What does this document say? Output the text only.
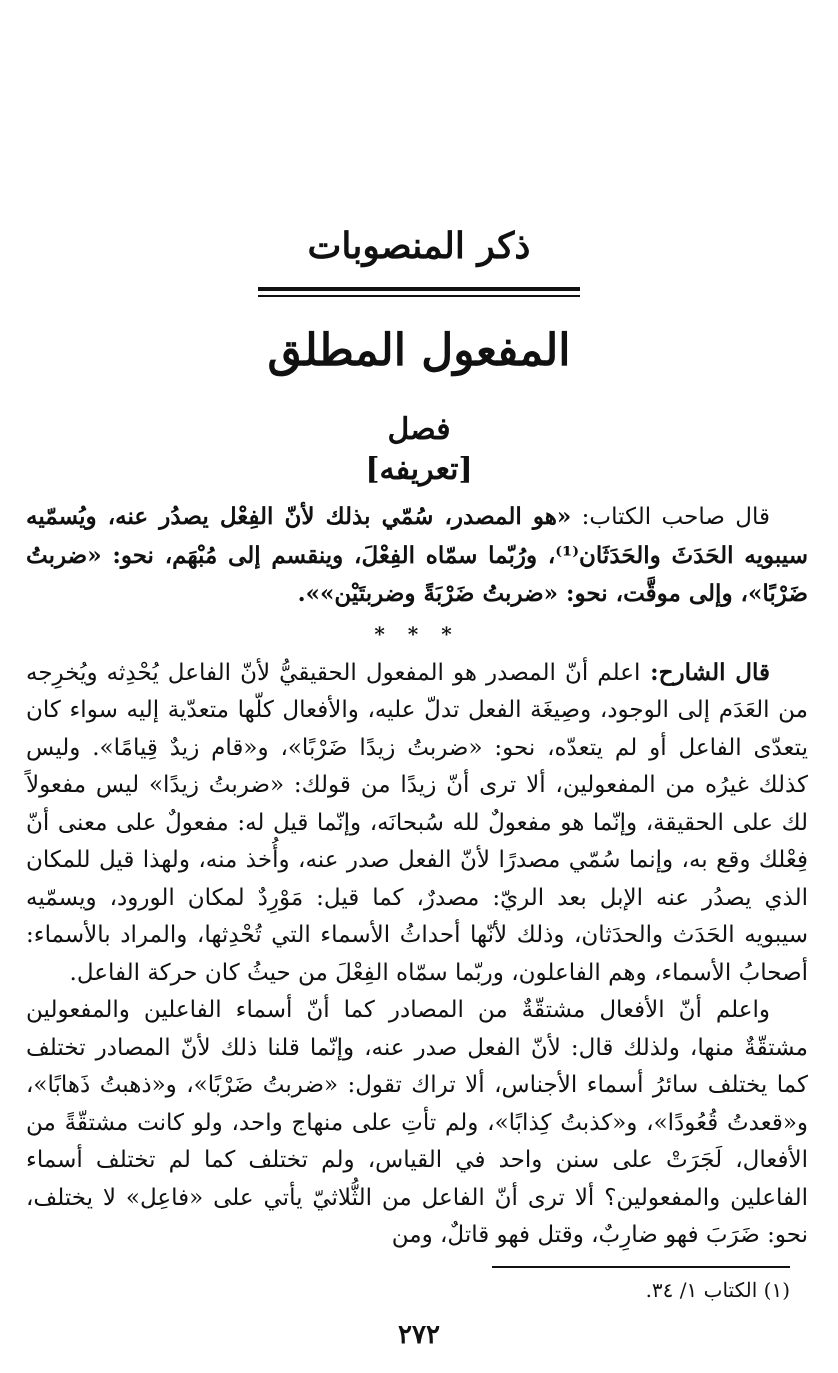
ذكر المنصوبات
المفعول المطلق
فصل
[تعريفه]

قال صاحب الكتاب: «هو المصدر، سُمّي بذلك لأنّ الفِعْل يصدُر عنه، ويُسمّيه سيبويه الحَدَثَ والحَدَثَان⁽¹⁾، ورُبّما سمّاه الفِعْلَ، وينقسم إلى مُبْهَم، نحو: «ضربتُ ضَرْبًا»، وإلى موقَّت، نحو: «ضربتُ ضَرْبَةً وضربتَيْن»».

* * *

قال الشارح: اعلم أنّ المصدر هو المفعول الحقيقيُّ لأنّ الفاعل يُحْدِثه ويُخرِجه من العَدَم إلى الوجود، وصِيغَة الفعل تدلّ عليه، والأفعال كلّها متعدّية إليه سواء كان يتعدّى الفاعل أو لم يتعدّه، نحو: «ضربتُ زيدًا ضَرْبًا»، و«قام زيدٌ قِيامًا». وليس كذلك غيرُه من المفعولين، ألا ترى أنّ زيدًا من قولك: «ضربتُ زيدًا» ليس مفعولاً لك على الحقيقة، وإنّما هو مفعولٌ لله سُبحانَه، وإنّما قيل له: مفعولٌ على معنى أنّ فِعْلك وقع به، وإنما سُمّي مصدرًا لأنّ الفعل صدر عنه، وأُخذ منه، ولهذا قيل للمكان الذي يصدُر عنه الإبل بعد الريّ: مصدرٌ، كما قيل: مَوْرِدٌ لمكان الورود، ويسمّيه سيبويه الحَدَث والحدَثان، وذلك لأنّها أحداثُ الأسماء التي تُحْدِثها، والمراد بالأسماء: أصحابُ الأسماء، وهم الفاعلون، وربّما سمّاه الفِعْلَ من حيثُ كان حركة الفاعل.

واعلم أنّ الأفعال مشتقّةٌ من المصادر كما أنّ أسماء الفاعلين والمفعولين مشتقّةٌ منها، ولذلك قال: لأنّ الفعل صدر عنه، وإنّما قلنا ذلك لأنّ المصادر تختلف كما يختلف سائرُ أسماء الأجناس، ألا تراك تقول: «ضربتُ ضَرْبًا»، و«ذهبتُ ذَهابًا»، و«قعدتُ قُعُودًا»، و«كذبتُ كِذابًا»، ولم تأتِ على منهاج واحد، ولو كانت مشتقّةً من الأفعال، لَجَرَتْ على سنن واحد في القياس، ولم تختلف كما لم تختلف أسماء الفاعلين والمفعولين؟ ألا ترى أنّ الفاعل من الثُّلاثيّ يأتي على «فاعِل» لا يختلف، نحو: ضَرَبَ فهو ضارِبٌ، وقتل فهو قاتلٌ، ومن

(١) الكتاب ١/ ٣٤.
٢٧٢
